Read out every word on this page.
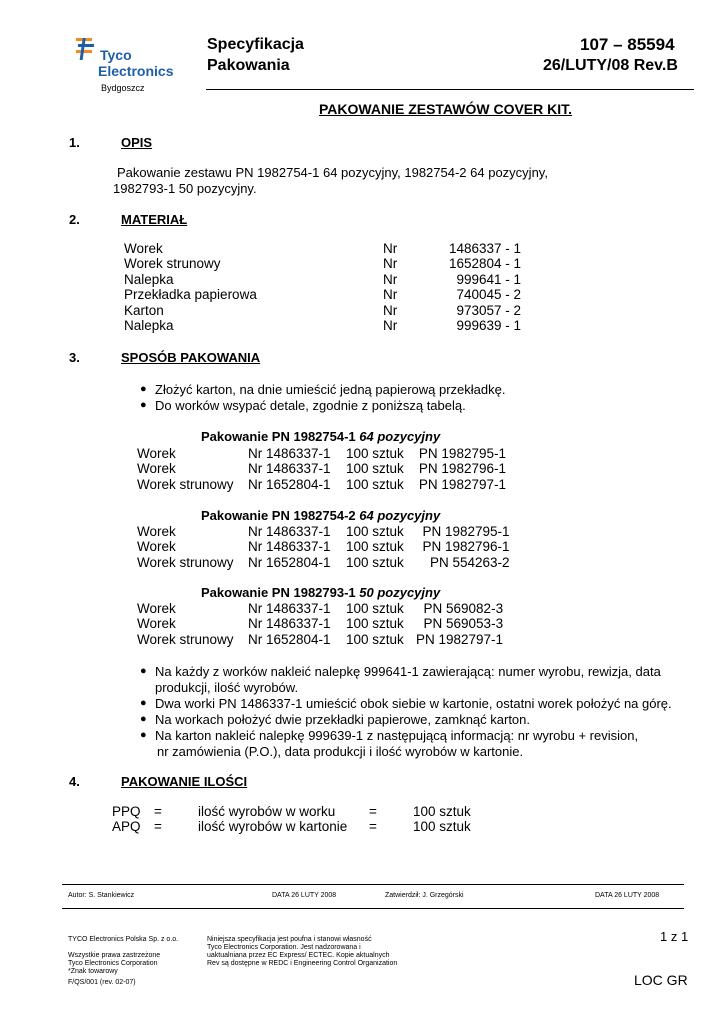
Tyco
Electronics
Bydgoszcz
Specyfikacja
Pakowania
107 – 85594
26/LUTY/08 Rev.B
PAKOWANIE ZESTAWÓW COVER KIT.
1.	OPIS
Pakowanie zestawu PN 1982754-1 64 pozycyjny, 1982754-2 64 pozycyjny,
1982793-1 50 pozycyjny.
2.	MATERIAŁ
Worek	Nr	1486337 - 1
Worek strunowy	Nr	1652804 - 1
Nalepka	Nr	999641 - 1
Przekładka papierowa	Nr	740045 - 2
Karton	Nr	973057 - 2
Nalepka	Nr	999639 - 1
3.	SPOSÓB PAKOWANIA
● Złożyć karton, na dnie umieścić jedną papierową przekładkę.
● Do worków wsypać detale, zgodnie z poniższą tabelą.
Pakowanie PN 1982754-1 64 pozycyjny
Worek	Nr 1486337-1	100 sztuk	PN 1982795-1
Worek	Nr 1486337-1	100 sztuk	PN 1982796-1
Worek strunowy	Nr 1652804-1	100 sztuk	PN 1982797-1
Pakowanie PN 1982754-2 64 pozycyjny
Worek	Nr 1486337-1	100 sztuk	PN 1982795-1
Worek	Nr 1486337-1	100 sztuk	PN 1982796-1
Worek strunowy	Nr 1652804-1	100 sztuk	PN 554263-2
Pakowanie PN 1982793-1 50 pozycyjny
Worek	Nr 1486337-1	100 sztuk	PN 569082-3
Worek	Nr 1486337-1	100 sztuk	PN 569053-3
Worek strunowy	Nr 1652804-1	100 sztuk	PN 1982797-1
● Na każdy z worków nakleić nalepkę 999641-1 zawierającą: numer wyrobu, rewizja, data
produkcji, ilość wyrobów.
● Dwa worki PN 1486337-1 umieścić obok siebie w kartonie, ostatni worek położyć na górę.
● Na workach położyć dwie przekładki papierowe, zamknąć karton.
● Na karton nakleić nalepkę 999639-1 z następującą informacją: nr wyrobu + revision,
nr zamówienia (P.O.), data produkcji i ilość wyrobów w kartonie.
4.	PAKOWANIE ILOŚCI
PPQ	=	ilość wyrobów w worku	=	100 sztuk
APQ	=	ilość wyrobów w kartonie	=	100 sztuk
Autor: S. Stankiewicz	DATA 26 LUTY 2008	Zatwierdził: J. Grzegórski	DATA 26 LUTY 2008
TYCO Electronics Polska Sp. z o.o.
Wszystkie prawa zastrzeżone
Tyco Electronics Corporation
*Znak towarowy
Niniejsza specyfikacja jest poufna i stanowi własność
Tyco Electronics Corporation. Jest nadzorowana i
uaktualniana przez EC Express/ ECTEC. Kopie aktualnych
Rev są dostępne w REDC i Engineering Control Organization
F/QS/001 (rev. 02-07)
1 z 1
LOC GR
